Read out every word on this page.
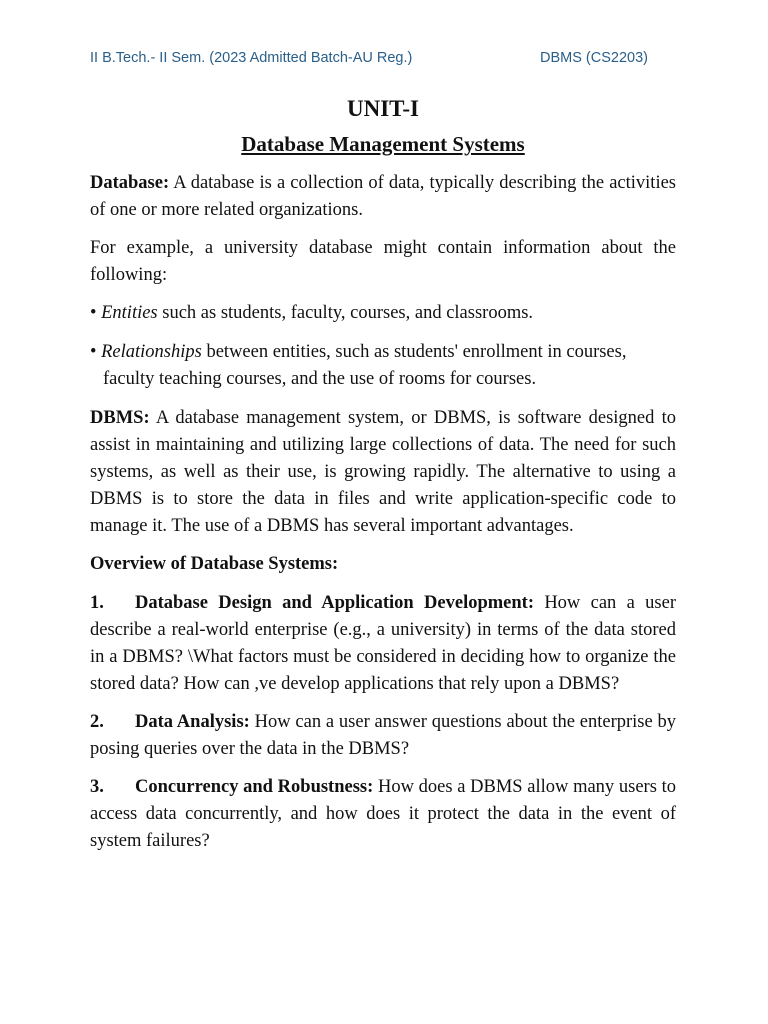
II B.Tech.- II Sem. (2023 Admitted Batch-AU Reg.)	DBMS (CS2203)
UNIT-I
Database Management Systems

Database: A database is a collection of data, typically describing the activities of one or more related organizations.

For example, a university database might contain information about the following:

• Entities such as students, faculty, courses, and classrooms.
• Relationships between entities, such as students' enrollment in courses, faculty teaching courses, and the use of rooms for courses.

DBMS: A database management system, or DBMS, is software designed to assist in maintaining and utilizing large collections of data. The need for such systems, as well as their use, is growing rapidly. The alternative to using a DBMS is to store the data in files and write application-specific code to manage it. The use of a DBMS has several important advantages.

Overview of Database Systems:
1. Database Design and Application Development: How can a user describe a real-world enterprise (e.g., a university) in terms of the data stored in a DBMS? \What factors must be considered in deciding how to organize the stored data? How can ,ve develop applications that rely upon a DBMS?
2. Data Analysis: How can a user answer questions about the enterprise by posing queries over the data in the DBMS?
3. Concurrency and Robustness: How does a DBMS allow many users to access data concurrently, and how does it protect the data in the event of system failures?
